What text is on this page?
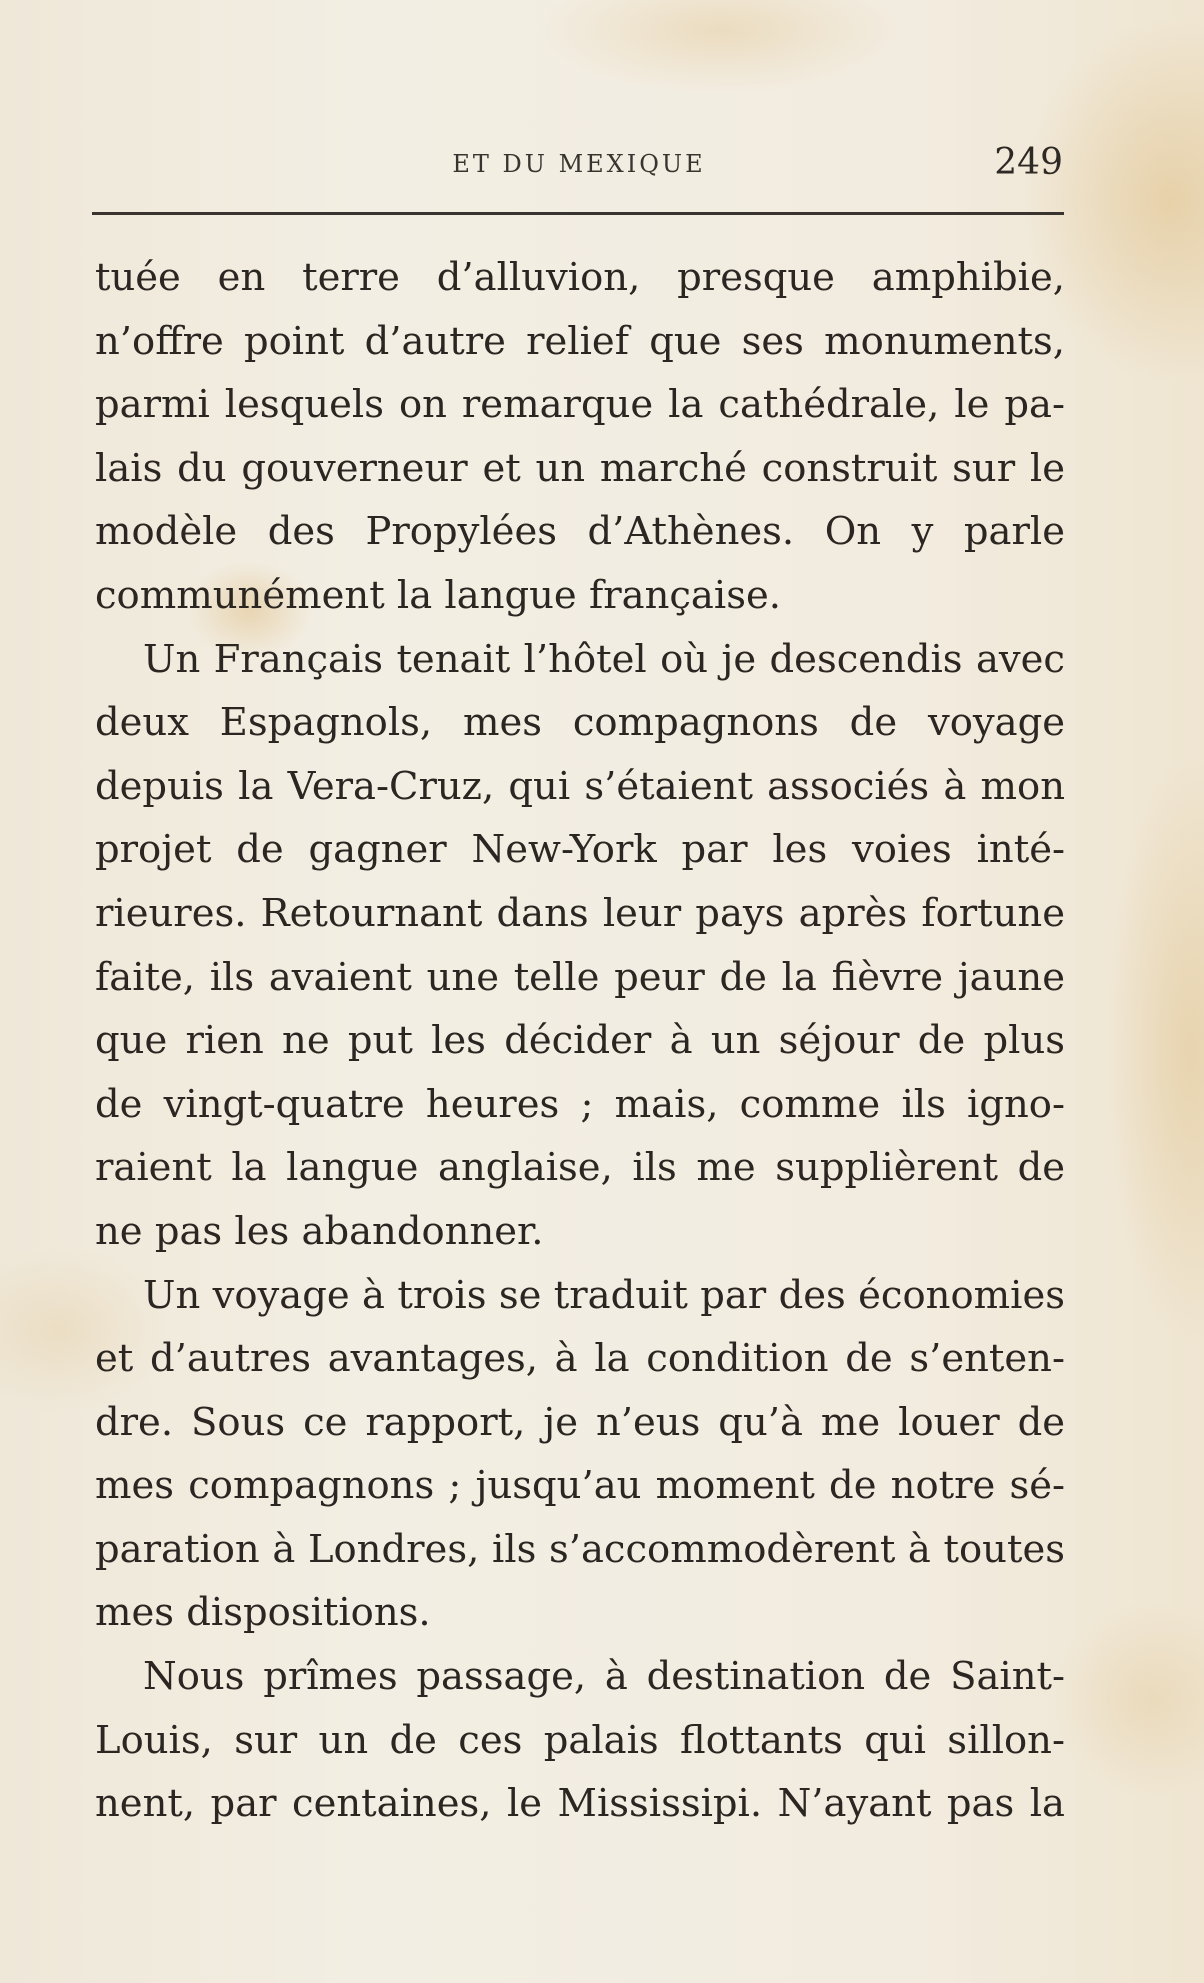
ET DU MEXIQUE	249
tuée en terre d’alluvion, presque amphibie,
n’offre point d’autre relief que ses monuments,
parmi lesquels on remarque la cathédrale, le pa-
lais du gouverneur et un marché construit sur le
modèle des Propylées d’Athènes. On y parle
communément la langue française.
Un Français tenait l’hôtel où je descendis avec
deux Espagnols, mes compagnons de voyage
depuis la Vera-Cruz, qui s’étaient associés à mon
projet de gagner New-York par les voies inté-
rieures. Retournant dans leur pays après fortune
faite, ils avaient une telle peur de la fièvre jaune
que rien ne put les décider à un séjour de plus
de vingt-quatre heures ; mais, comme ils igno-
raient la langue anglaise, ils me supplièrent de
ne pas les abandonner.
Un voyage à trois se traduit par des économies
et d’autres avantages, à la condition de s’enten-
dre. Sous ce rapport, je n’eus qu’à me louer de
mes compagnons ; jusqu’au moment de notre sé-
paration à Londres, ils s’accommodèrent à toutes
mes dispositions.
Nous prîmes passage, à destination de Saint-
Louis, sur un de ces palais flottants qui sillon-
nent, par centaines, le Mississipi. N’ayant pas la
